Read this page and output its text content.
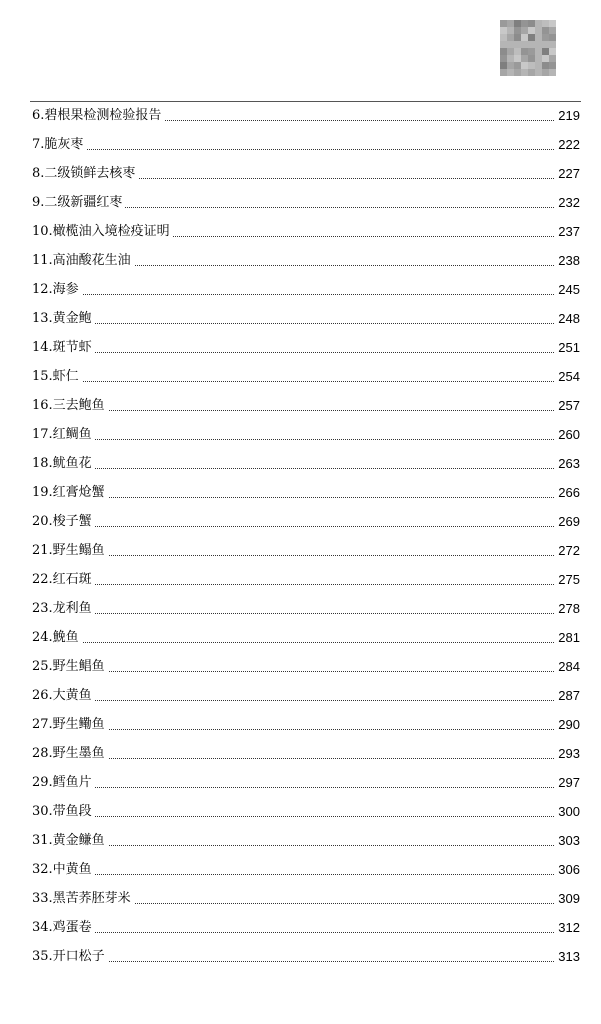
6.碧根果检测检验报告	219
7.脆灰枣	222
8.二级锁鲜去核枣	227
9.二级新疆红枣	232
10.橄榄油入境检疫证明	237
11.高油酸花生油	238
12.海参	245
13.黄金鲍	248
14.斑节虾	251
15.虾仁	254
16.三去鲍鱼	257
17.红鲷鱼	260
18.鱿鱼花	263
19.红膏炝蟹	266
20.梭子蟹	269
21.野生鳎鱼	272
22.红石斑	275
23.龙利鱼	278
24.鮸鱼	281
25.野生鲳鱼	284
26.大黄鱼	287
27.野生鳓鱼	290
28.野生墨鱼	293
29.鳕鱼片	297
30.带鱼段	300
31.黄金鳒鱼	303
32.中黄鱼	306
33.黑苦荞胚芽米	309
34.鸡蛋卷	312
35.开口松子	313
